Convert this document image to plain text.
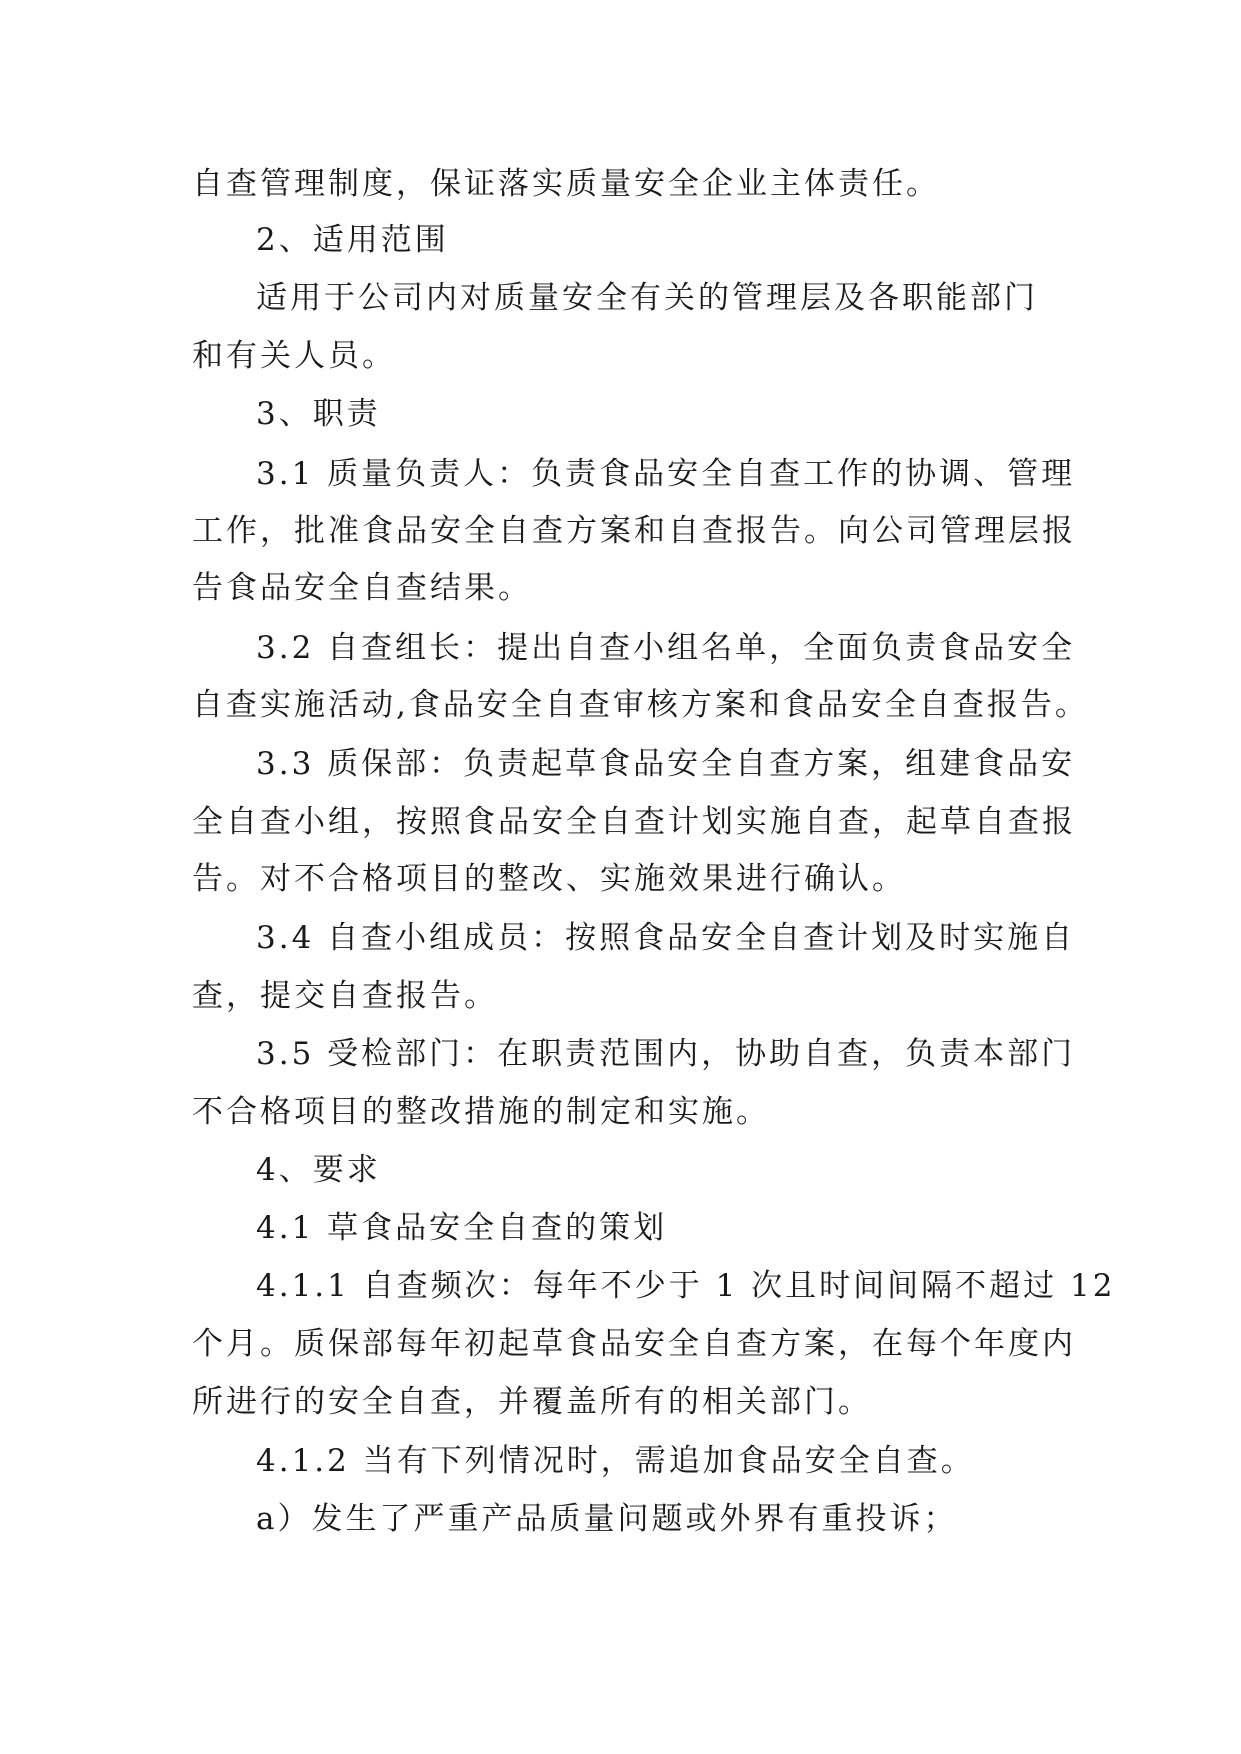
自查管理制度，保证落实质量安全企业主体责任。
2、适用范围
适用于公司内对质量安全有关的管理层及各职能部门
和有关人员。
3、职责
3.1 质量负责人：负责食品安全自查工作的协调、管理
工作，批准食品安全自查方案和自查报告。向公司管理层报
告食品安全自查结果。
3.2 自查组长：提出自查小组名单，全面负责食品安全
自查实施活动,食品安全自查审核方案和食品安全自查报告。
3.3 质保部：负责起草食品安全自查方案，组建食品安
全自查小组，按照食品安全自查计划实施自查，起草自查报
告。对不合格项目的整改、实施效果进行确认。
3.4 自查小组成员：按照食品安全自查计划及时实施自
查，提交自查报告。
3.5 受检部门：在职责范围内，协助自查，负责本部门
不合格项目的整改措施的制定和实施。
4、要求
4.1 草食品安全自查的策划
4.1.1 自查频次：每年不少于 1 次且时间间隔不超过 12
个月。质保部每年初起草食品安全自查方案，在每个年度内
所进行的安全自查，并覆盖所有的相关部门。
4.1.2 当有下列情况时，需追加食品安全自查。
a）发生了严重产品质量问题或外界有重投诉；
